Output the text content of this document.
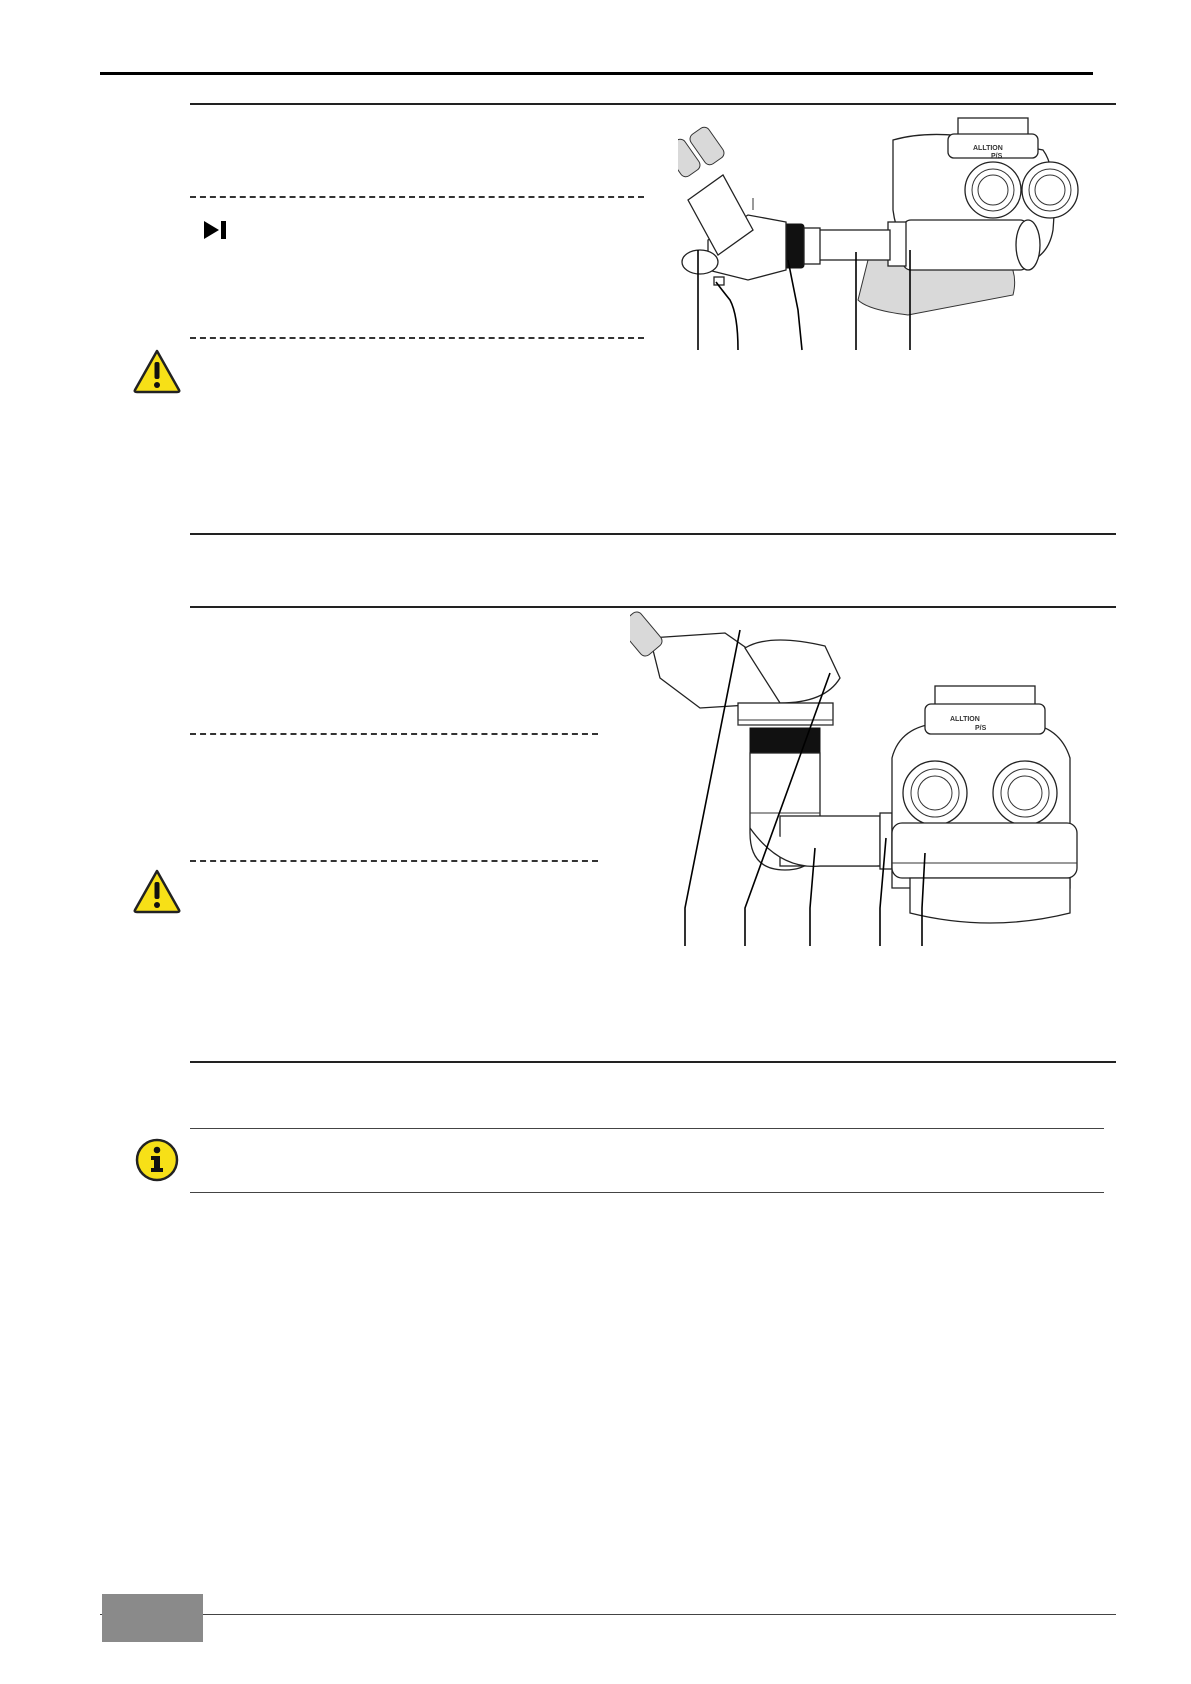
ALLTION
P/S
ALLTION
P/S
